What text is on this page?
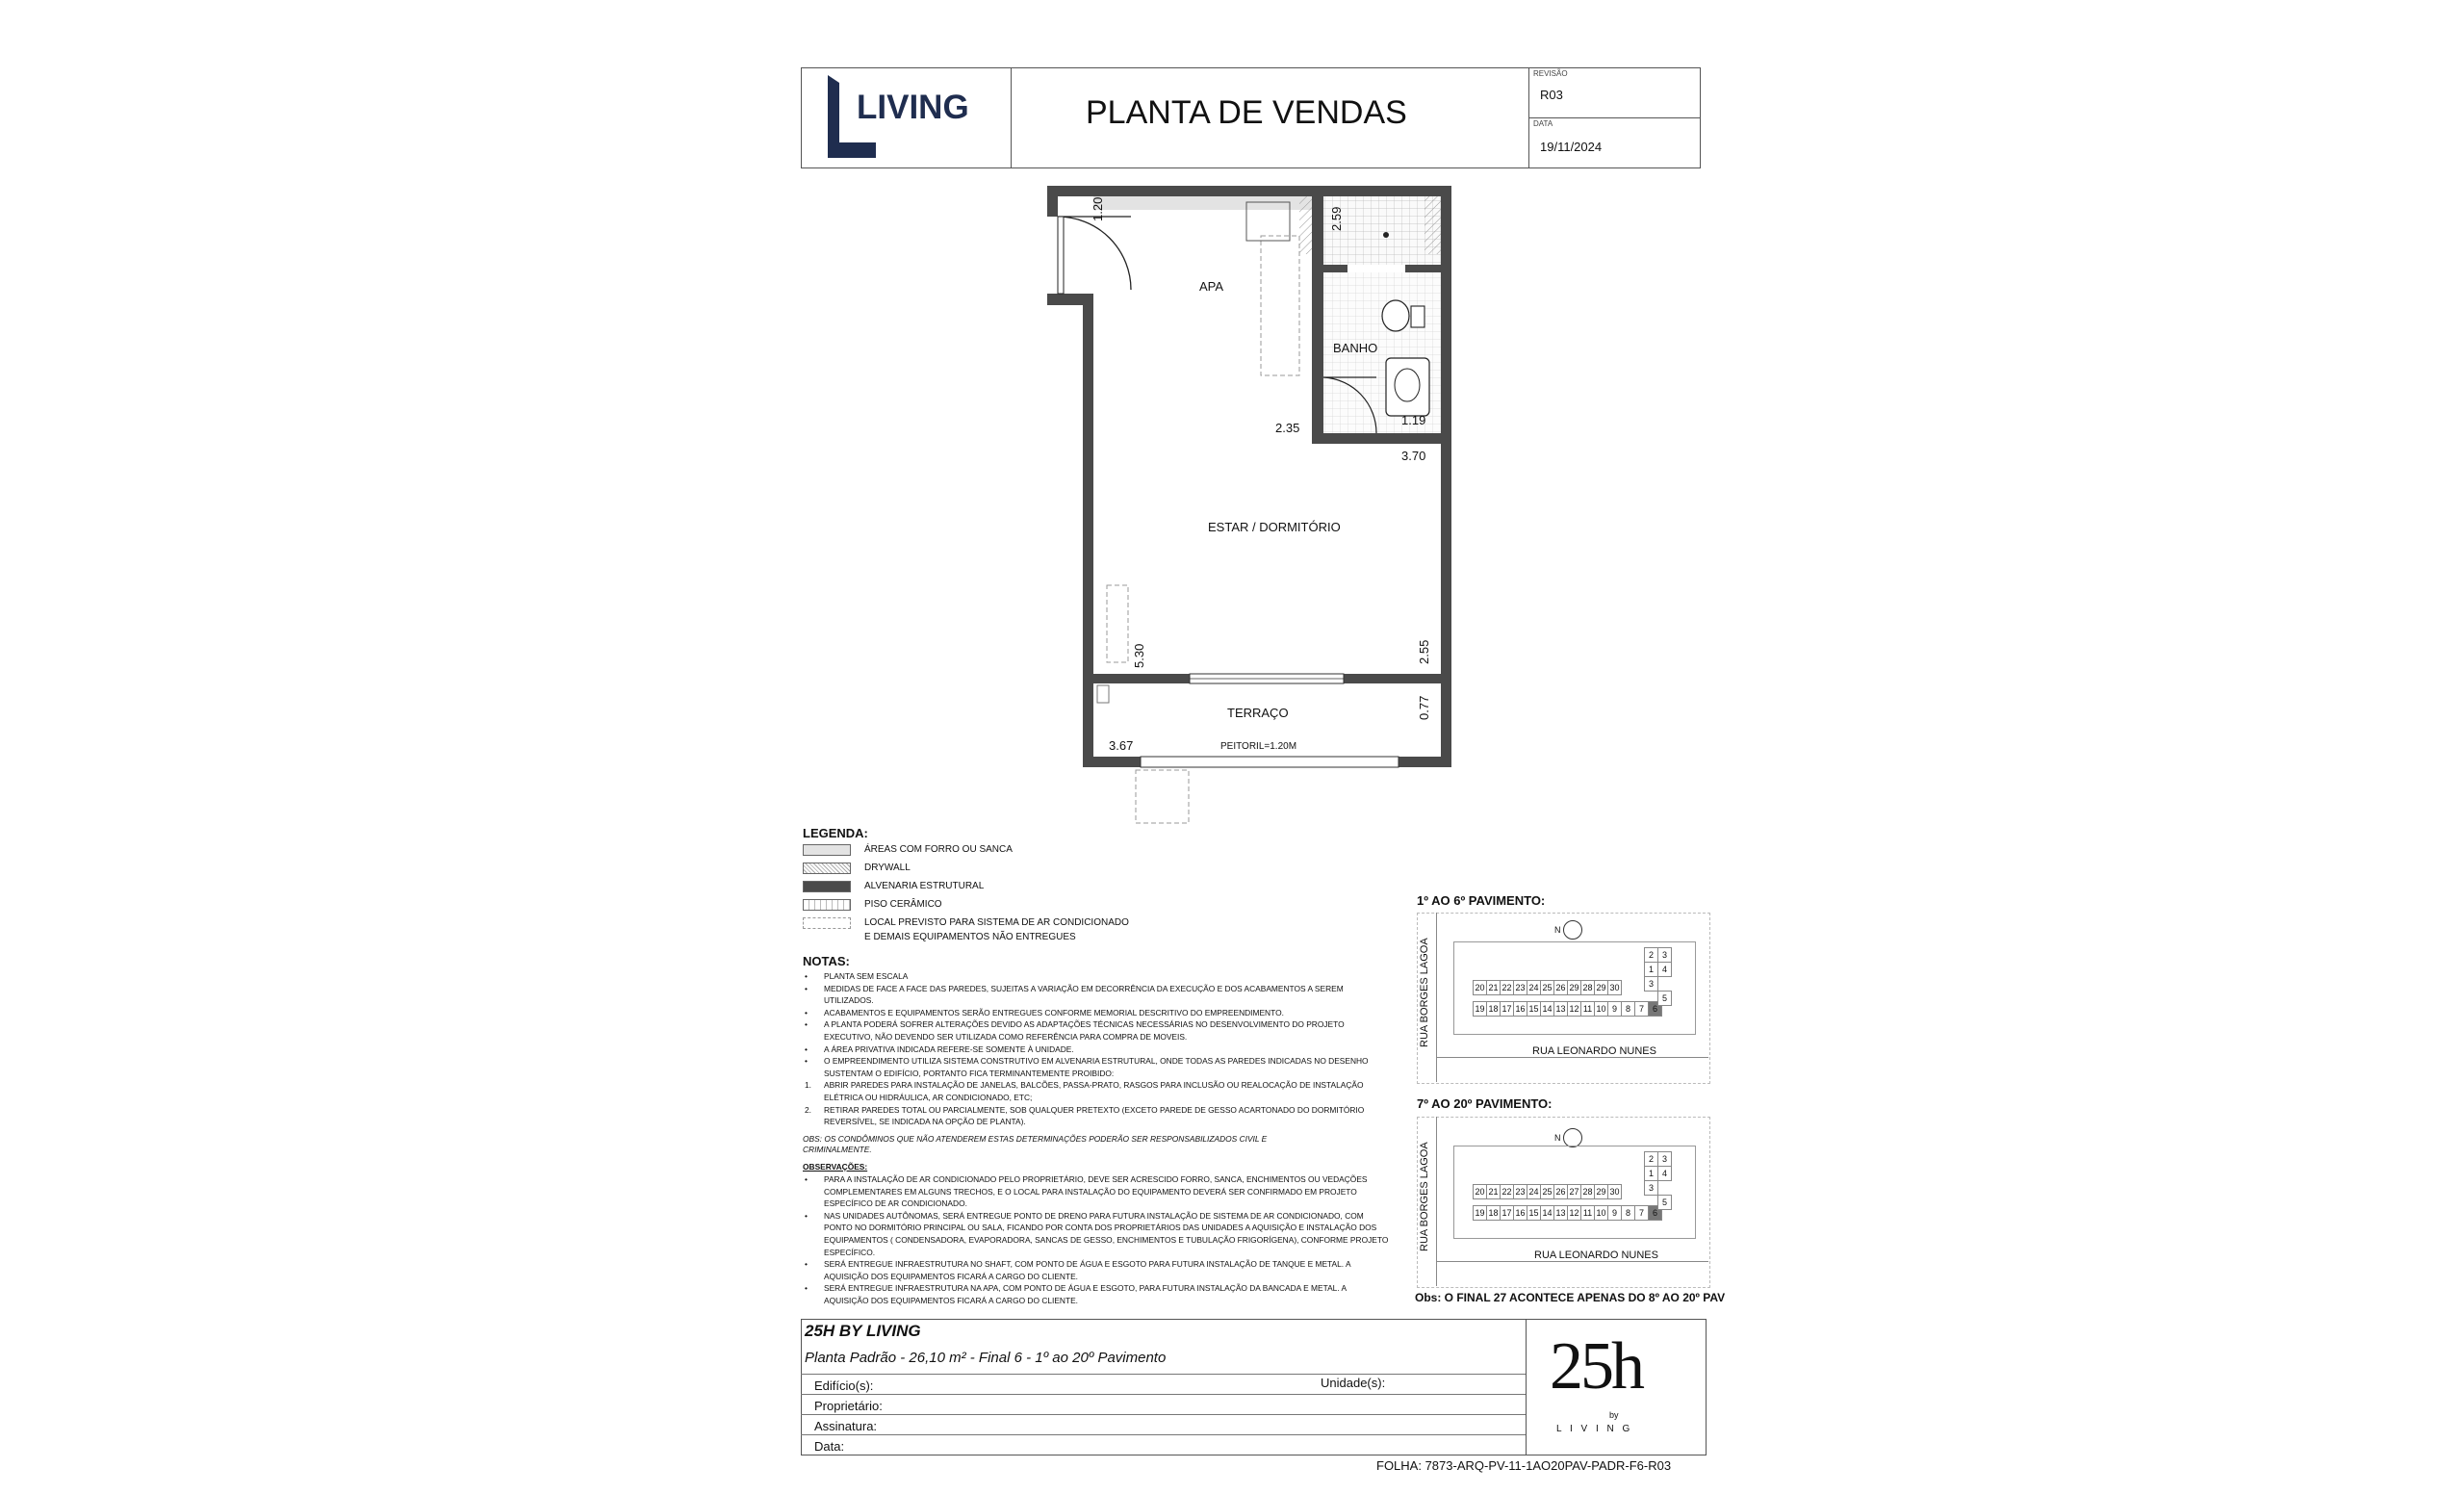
LIVING	PLANTA DE VENDAS
REVISÃO
R03
DATA
19/11/2024
APA
BANHO
ESTAR / DORMITÓRIO
TERRAÇO
PEITORIL=1.20M
1.20	2.59
2.35
1.19
3.70
5.30	2.55
0.77
3.67
LEGENDA:
ÁREAS COM FORRO OU SANCA
DRYWALL
ALVENARIA ESTRUTURAL
PISO CERÂMICO
LOCAL PREVISTO PARA SISTEMA DE AR CONDICIONADO
E DEMAIS EQUIPAMENTOS NÃO ENTREGUES
NOTAS:
• PLANTA SEM ESCALA
• MEDIDAS DE FACE A FACE DAS PAREDES, SUJEITAS A VARIAÇÃO EM DECORRÊNCIA DA EXECUÇÃO E DOS ACABAMENTOS A SEREM
UTILIZADOS.
• ACABAMENTOS E EQUIPAMENTOS SERÃO ENTREGUES CONFORME MEMORIAL DESCRITIVO DO EMPREENDIMENTO.
• A PLANTA PODERÁ SOFRER ALTERAÇÕES DEVIDO AS ADAPTAÇÕES TÉCNICAS NECESSÁRIAS NO DESENVOLVIMENTO DO PROJETO
EXECUTIVO, NÃO DEVENDO SER UTILIZADA COMO REFERÊNCIA PARA COMPRA DE MOVEIS.
• A ÁREA PRIVATIVA INDICADA REFERE-SE SOMENTE À UNIDADE.
• O EMPREENDIMENTO UTILIZA SISTEMA CONSTRUTIVO EM ALVENARIA ESTRUTURAL, ONDE TODAS AS PAREDES INDICADAS NO DESENHO
SUSTENTAM O EDIFÍCIO, PORTANTO FICA TERMINANTEMENTE PROIBIDO:
1. ABRIR PAREDES PARA INSTALAÇÃO DE JANELAS, BALCÕES, PASSA-PRATO, RASGOS PARA INCLUSÃO OU REALOCAÇÃO DE INSTALAÇÃO
ELÉTRICA OU HIDRÁULICA, AR CONDICIONADO, ETC;
2. RETIRAR PAREDES TOTAL OU PARCIALMENTE, SOB QUALQUER PRETEXTO (EXCETO PAREDE DE GESSO ACARTONADO DO DORMITÓRIO
REVERSÍVEL, SE INDICADA NA OPÇÃO DE PLANTA).
OBS: OS CONDÔMINOS QUE NÃO ATENDEREM ESTAS DETERMINAÇÕES PODERÃO SER RESPONSABILIZADOS CIVIL E
CRIMINALMENTE.
OBSERVAÇÕES:
• PARA A INSTALAÇÃO DE AR CONDICIONADO PELO PROPRIETÁRIO, DEVE SER ACRESCIDO FORRO, SANCA, ENCHIMENTOS OU VEDAÇÕES
COMPLEMENTARES EM ALGUNS TRECHOS, E O LOCAL PARA INSTALAÇÃO DO EQUIPAMENTO DEVERÁ SER CONFIRMADO EM PROJETO
ESPECÍFICO DE AR CONDICIONADO.
• NAS UNIDADES AUTÔNOMAS, SERÁ ENTREGUE PONTO DE DRENO PARA FUTURA INSTALAÇÃO DE SISTEMA DE AR CONDICIONADO, COM
PONTO NO DORMITÓRIO PRINCIPAL OU SALA, FICANDO POR CONTA DOS PROPRIETÁRIOS DAS UNIDADES A AQUISIÇÃO E INSTALAÇÃO DOS
EQUIPAMENTOS ( CONDENSADORA, EVAPORADORA, SANCAS DE GESSO, ENCHIMENTOS E TUBULAÇÃO FRIGORÍGENA), CONFORME PROJETO
ESPECÍFICO.
• SERÁ ENTREGUE INFRAESTRUTURA NO SHAFT, COM PONTO DE ÁGUA E ESGOTO PARA FUTURA INSTALAÇÃO DE TANQUE E METAL. A
AQUISIÇÃO DOS EQUIPAMENTOS FICARÁ A CARGO DO CLIENTE.
• SERÁ ENTREGUE INFRAESTRUTURA NA APA, COM PONTO DE ÁGUA E ESGOTO, PARA FUTURA INSTALAÇÃO DA BANCADA E METAL. A
AQUISIÇÃO DOS EQUIPAMENTOS FICARÁ A CARGO DO CLIENTE.
1º AO 6º PAVIMENTO:
7º AO 20º PAVIMENTO:
RUA BORGES LAGOA
RUA LEONARDO NUNES
N
20 21 22 23 24 25 26 29 28 29 30
19 18 17 16 15 14 13 12 11 10 9 8 7 6
2 3
1 4
3
5
RUA BORGES LAGOA
RUA LEONARDO NUNES
N
20 21 22 23 24 25 26 27 28 29 30
19 18 17 16 15 14 13 12 11 10 9 8 7 6
2 3
1 4
3
5
Obs: O FINAL 27 ACONTECE APENAS DO 8º AO 20º PAV
25H BY LIVING
Planta Padrão - 26,10 m² - Final 6 - 1º ao 20º Pavimento
Edifício(s):	Unidade(s):
Proprietário:
Assinatura:
Data:
25h
by
L I V I N G
FOLHA: 7873-ARQ-PV-11-1AO20PAV-PADR-F6-R03
